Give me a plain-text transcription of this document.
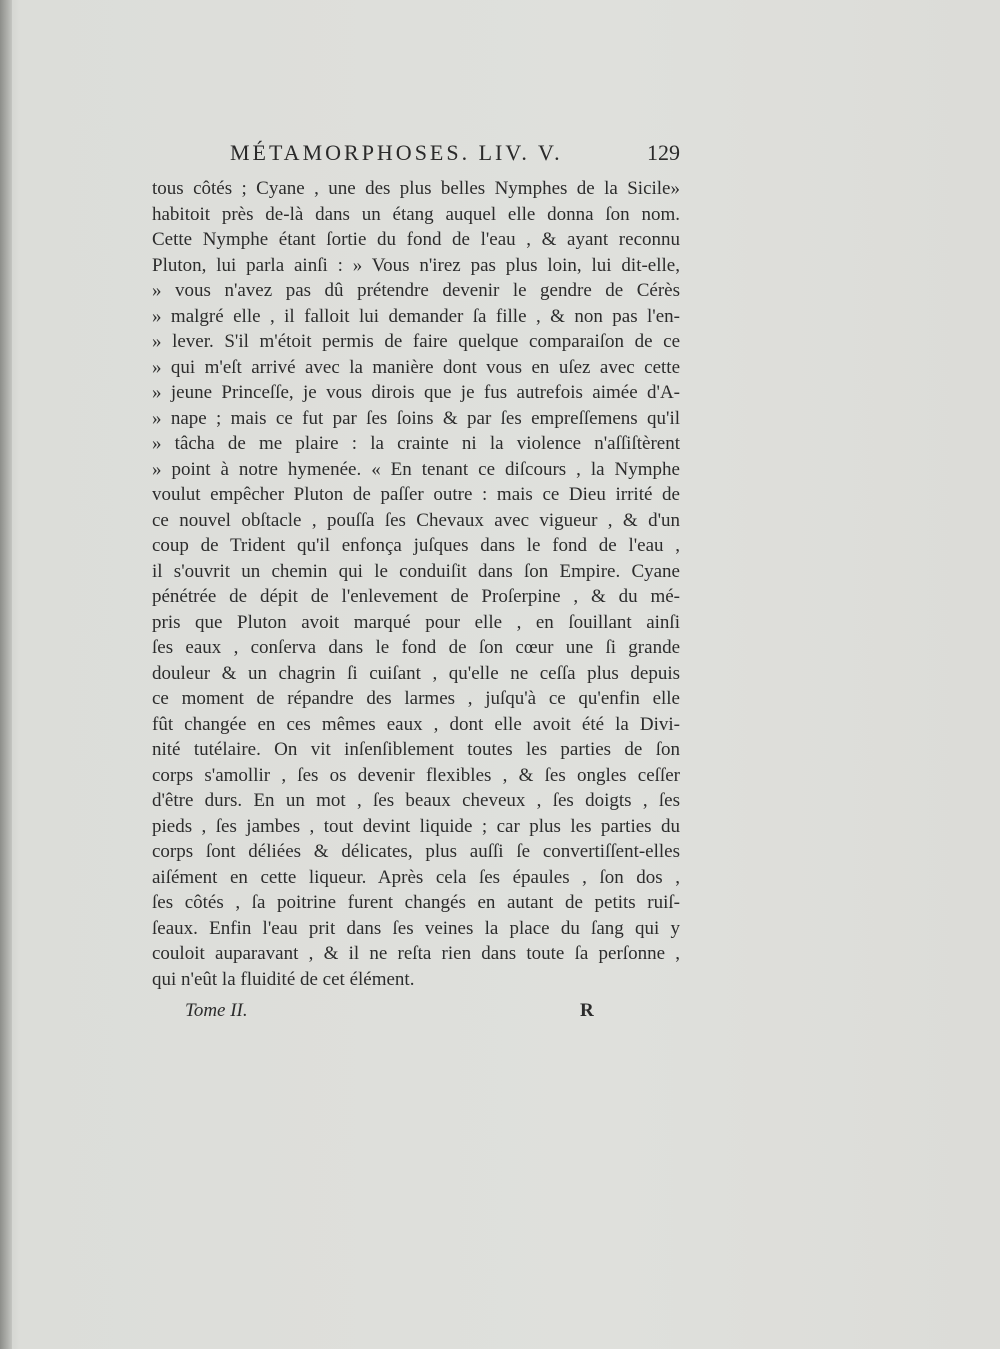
MÉTAMORPHOSES. LIV. V.	129
tous côtés ; Cyane , une des plus belles Nymphes de la Sicile»
habitoit près de-là dans un étang auquel elle donna ſon nom.
Cette Nymphe étant ſortie du fond de l'eau , & ayant reconnu
Pluton, lui parla ainſi : » Vous n'irez pas plus loin, lui dit-elle,
» vous n'avez pas dû prétendre devenir le gendre de Cérès
» malgré elle , il falloit lui demander ſa fille , & non pas l'en-
» lever. S'il m'étoit permis de faire quelque comparaiſon de ce
» qui m'eſt arrivé avec la manière dont vous en uſez avec cette
» jeune Princeſſe, je vous dirois que je fus autrefois aimée d'A-
» nape ; mais ce fut par ſes ſoins & par ſes empreſſemens qu'il
» tâcha de me plaire : la crainte ni la violence n'aſſiſtèrent
» point à notre hymenée. « En tenant ce diſcours , la Nymphe
voulut empêcher Pluton de paſſer outre : mais ce Dieu irrité de
ce nouvel obſtacle , pouſſa ſes Chevaux avec vigueur , & d'un
coup de Trident qu'il enfonça juſques dans le fond de l'eau ,
il s'ouvrit un chemin qui le conduiſit dans ſon Empire. Cyane
pénétrée de dépit de l'enlevement de Proſerpine , & du mé-
pris que Pluton avoit marqué pour elle , en ſouillant ainſi
ſes eaux , conſerva dans le fond de ſon cœur une ſi grande
douleur & un chagrin ſi cuiſant , qu'elle ne ceſſa plus depuis
ce moment de répandre des larmes , juſqu'à ce qu'enfin elle
fût changée en ces mêmes eaux , dont elle avoit été la Divi-
nité tutélaire. On vit inſenſiblement toutes les parties de ſon
corps s'amollir , ſes os devenir flexibles , & ſes ongles ceſſer
d'être durs. En un mot , ſes beaux cheveux , ſes doigts , ſes
pieds , ſes jambes , tout devint liquide ; car plus les parties du
corps ſont déliées & délicates, plus auſſi ſe convertiſſent-elles
aiſément en cette liqueur. Après cela ſes épaules , ſon dos ,
ſes côtés , ſa poitrine furent changés en autant de petits ruiſ-
ſeaux. Enfin l'eau prit dans ſes veines la place du ſang qui y
couloit auparavant , & il ne reſta rien dans toute ſa perſonne ,
qui n'eût la fluidité de cet élément.
Tome II.	R
